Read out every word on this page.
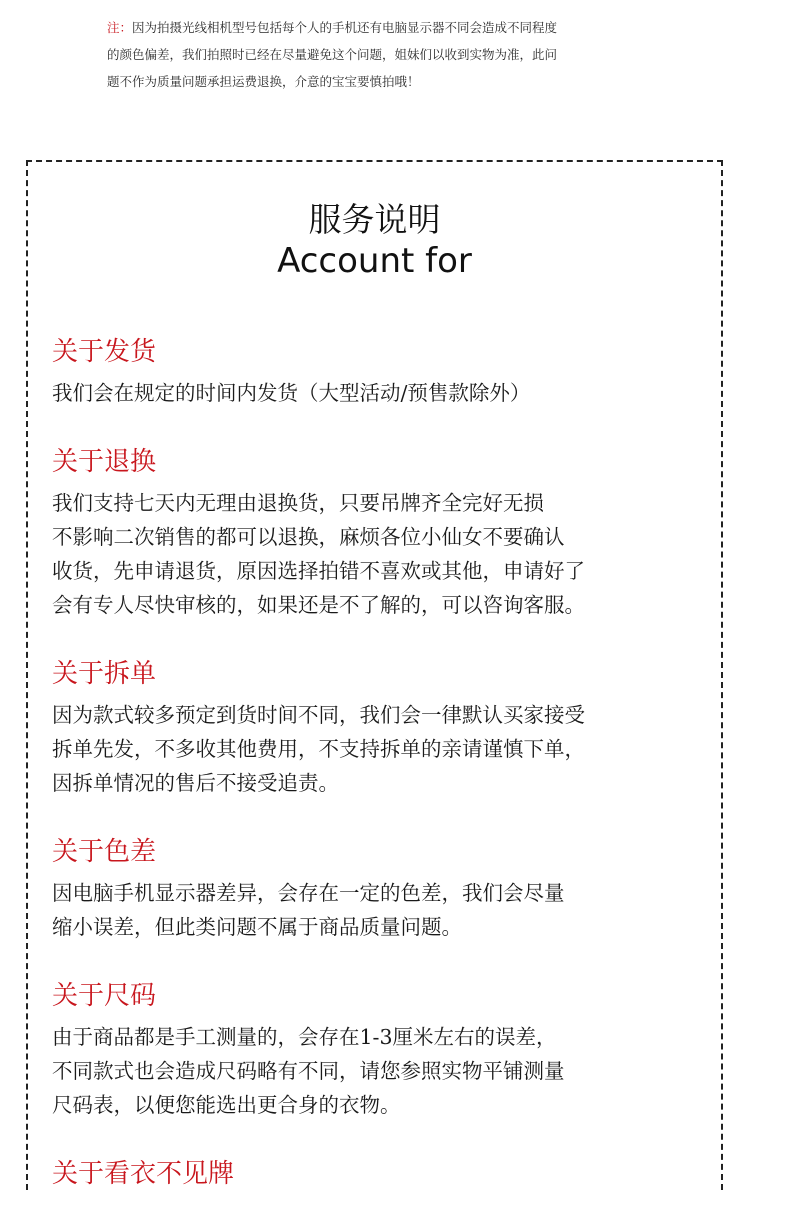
注：因为拍摄光线相机型号包括每个人的手机还有电脑显示器不同会造成不同程度
的颜色偏差，我们拍照时已经在尽量避免这个问题，姐妹们以收到实物为准，此问
题不作为质量问题承担运费退换，介意的宝宝要慎拍哦！
服务说明
Account for
关于发货

我们会在规定的时间内发货（大型活动/预售款除外）

关于退换

我们支持七天内无理由退换货，只要吊牌齐全完好无损
不影响二次销售的都可以退换，麻烦各位小仙女不要确认
收货，先申请退货，原因选择拍错不喜欢或其他，申请好了
会有专人尽快审核的，如果还是不了解的，可以咨询客服。

关于拆单

因为款式较多预定到货时间不同，我们会一律默认买家接受
拆单先发，不多收其他费用，不支持拆单的亲请谨慎下单，
因拆单情况的售后不接受追责。

关于色差

因电脑手机显示器差异，会存在一定的色差，我们会尽量
缩小误差，但此类问题不属于商品质量问题。

关于尺码

由于商品都是手工测量的，会存在1-3厘米左右的误差，
不同款式也会造成尺码略有不同，请您参照实物平铺测量
尺码表，以便您能选出更合身的衣物。

关于看衣不见牌
